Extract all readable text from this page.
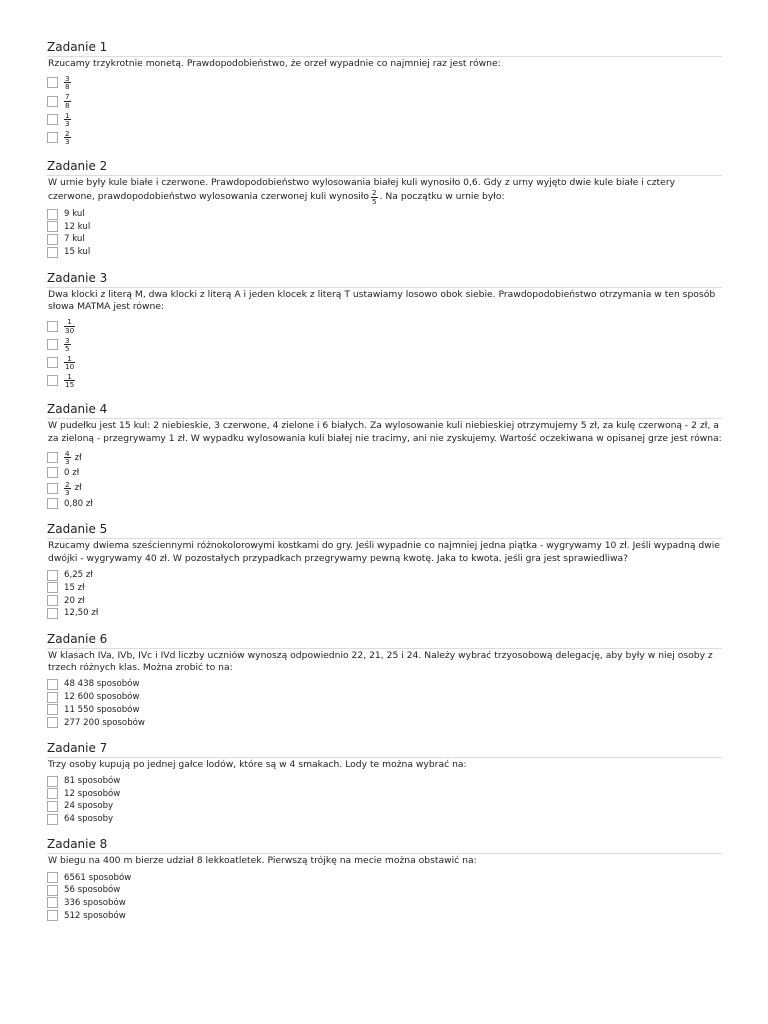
Zadanie 1
Rzucamy trzykrotnie monetą. Prawdopodobieństwo, że orzeł wypadnie co najmniej raz jest równe:
$\frac{3}{8}$
$\frac{7}{8}$
$\frac{1}{3}$
$\frac{2}{3}$
Zadanie 2
W urnie były kule białe i czerwone. Prawdopodobieństwo wylosowania białej kuli wynosiło 0,6. Gdy z urny wyjęto dwie kule białe i cztery czerwone, prawdopodobieństwo wylosowania czerwonej kuli wynosiło $\frac{2}{5}$ . Na początku w urnie było:
9 kul
12 kul
7 kul
15 kul
Zadanie 3
Dwa klocki z literą M, dwa klocki z literą A i jeden klocek z literą T ustawiamy losowo obok siebie. Prawdopodobieństwo otrzymania w ten sposób słowa MATMA jest równe:
$\frac{1}{30}$
$\frac{3}{5}$
$\frac{1}{10}$
$\frac{1}{15}$
Zadanie 4
W pudełku jest 15 kul: 2 niebieskie, 3 czerwone, 4 zielone i 6 białych. Za wylosowanie kuli niebieskiej otrzymujemy 5 zł, za kulę czerwoną - 2 zł, a za zieloną - przegrywamy 1 zł. W wypadku wylosowania kuli białej nie tracimy, ani nie zyskujemy. Wartość oczekiwana w opisanej grze jest równa:
$\frac{4}{3}$ zł
0 zł
$\frac{2}{3}$ zł
0,80 zł
Zadanie 5
Rzucamy dwiema sześciennymi różnokolorowymi kostkami do gry. Jeśli wypadnie co najmniej jedna piątka - wygrywamy 10 zł. Jeśli wypadną dwie dwójki - wygrywamy 40 zł. W pozostałych przypadkach przegrywamy pewną kwotę. Jaka to kwota, jeśli gra jest sprawiedliwa?
6,25 zł
15 zł
20 zł
12,50 zł
Zadanie 6
W klasach IVa, IVb, IVc i IVd liczby uczniów wynoszą odpowiednio 22, 21, 25 i 24. Należy wybrać trzyosobową delegację, aby były w niej osoby z trzech różnych klas. Można zrobić to na:
48 438 sposobów
12 600 sposobów
11 550 sposobów
277 200 sposobów
Zadanie 7
Trzy osoby kupują po jednej gałce lodów, które są w 4 smakach. Lody te można wybrać na:
81 sposobów
12 sposobów
24 sposoby
64 sposoby
Zadanie 8
W biegu na 400 m bierze udział 8 lekkoatletek. Pierwszą trójkę na mecie można obstawić na:
6561 sposobów
56 sposobów
336 sposobów
512 sposobów
